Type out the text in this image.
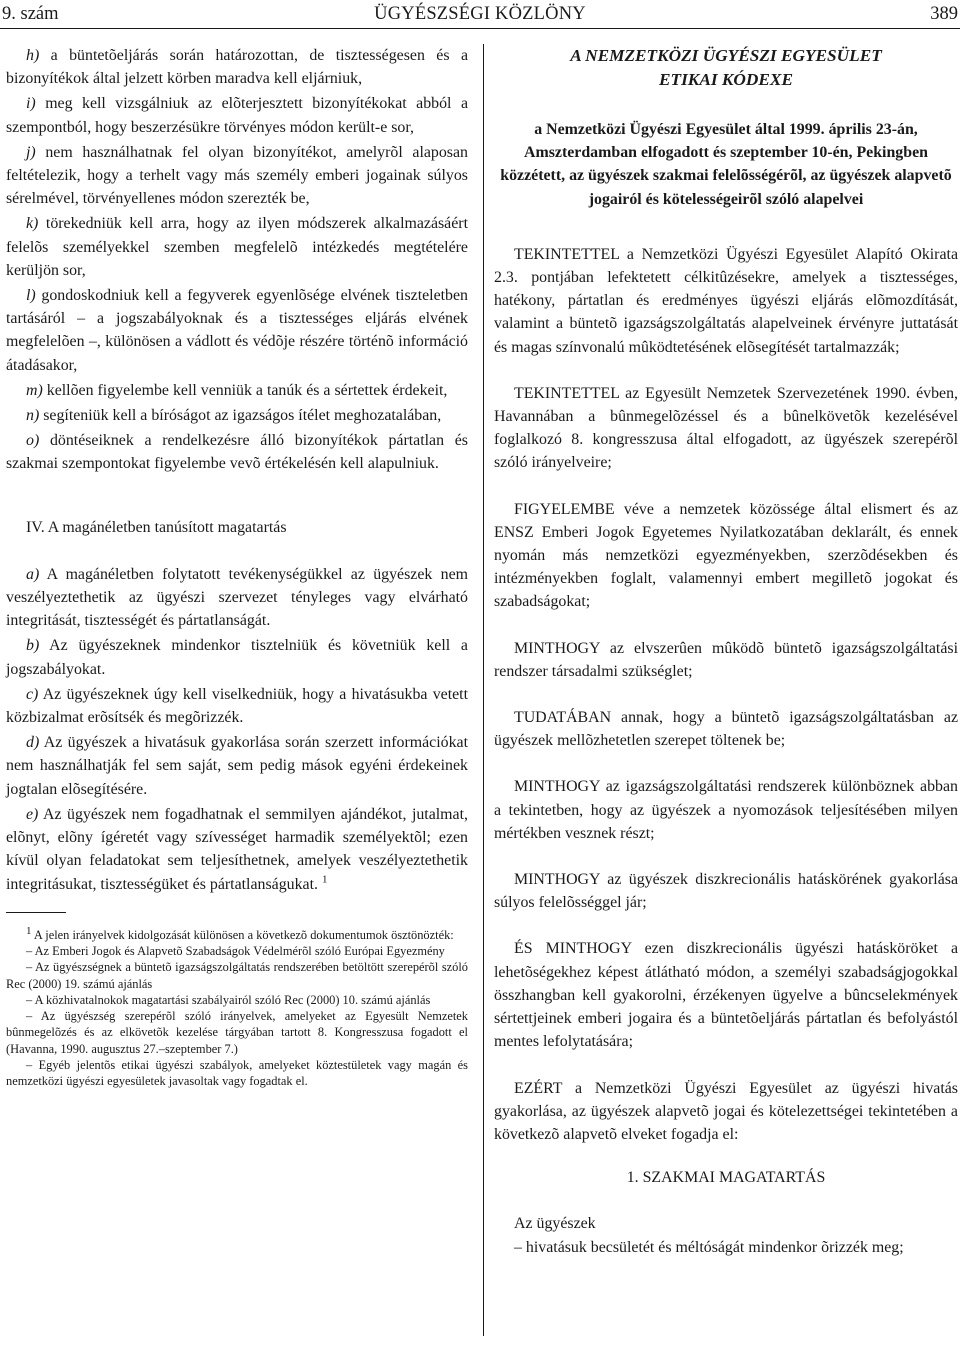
9. szám	ÜGYÉSZSÉGI KÖZLÖNY	389

h) a büntetõeljárás során határozottan, de tisztességesen és a bizonyítékok által jelzett körben maradva kell eljárniuk,

i) meg kell vizsgálniuk az elõterjesztett bizonyítékokat abból a szempontból, hogy beszerzésükre törvényes módon került-e sor,

j) nem használhatnak fel olyan bizonyítékot, amelyrõl alaposan feltételezik, hogy a terhelt vagy más személy emberi jogainak súlyos sérelmével, törvényellenes módon szerezték be,

k) törekedniük kell arra, hogy az ilyen módszerek alkalmazásáért felelõs személyekkel szemben megfelelõ intézkedés megtételére kerüljön sor,

l) gondoskodniuk kell a fegyverek egyenlõsége elvének tiszteletben tartásáról – a jogszabályoknak és a tisztességes eljárás elvének megfelelõen –, különösen a vádlott és védõje részére történõ információ átadásakor,

m) kellõen figyelembe kell venniük a tanúk és a sértettek érdekeit,

n) segíteniük kell a bíróságot az igazságos ítélet meghozatalában,

o) döntéseiknek a rendelkezésre álló bizonyítékok pártatlan és szakmai szempontokat figyelembe vevõ értékelésén kell alapulniuk.

IV. A magánéletben tanúsított magatartás

a) A magánéletben folytatott tevékenységükkel az ügyészek nem veszélyeztethetik az ügyészi szervezet tényleges vagy elvárható integritását, tisztességét és pártatlanságát.

b) Az ügyészeknek mindenkor tisztelniük és követniük kell a jogszabályokat.

c) Az ügyészeknek úgy kell viselkedniük, hogy a hivatásukba vetett közbizalmat erõsítsék és megõrizzék.

d) Az ügyészek a hivatásuk gyakorlása során szerzett információkat nem használhatják fel sem saját, sem pedig mások egyéni érdekeinek jogtalan elõsegítésére.

e) Az ügyészek nem fogadhatnak el semmilyen ajándékot, jutalmat, elõnyt, elõny ígéretét vagy szívességet harmadik személyektõl; ezen kívül olyan feladatokat sem teljesíthetnek, amelyek veszélyeztethetik integritásukat, tisztességüket és pártatlanságukat. $^1$

1 A jelen irányelvek kidolgozását különösen a következõ dokumentumok ösztönözték:

– Az Emberi Jogok és Alapvetõ Szabadságok Védelmérõl szóló Európai Egyezmény

– Az ügyészségnek a büntetõ igazságszolgáltatás rendszerében betöltött szerepérõl szóló Rec (2000) 19. számú ajánlás

– A közhivatalnokok magatartási szabályairól szóló Rec (2000) 10. számú ajánlás

– Az ügyészség szerepérõl szóló irányelvek, amelyeket az Egyesült Nemzetek bûnmegelõzés és az elkövetõk kezelése tárgyában tartott 8. Kongresszusa fogadott el (Havanna, 1990. augusztus 27.–szeptember 7.)

– Egyéb jelentõs etikai ügyészi szabályok, amelyeket köztestületek vagy magán és nemzetközi ügyészi egyesületek javasoltak vagy fogadtak el.

A NEMZETKÖZI ÜGYÉSZI EGYESÜLET
ETIKAI KÓDEXE
a Nemzetközi Ügyészi Egyesület által 1999. április 23-án, Amszterdamban elfogadott és szeptember 10-én, Pekingben közzétett, az ügyészek szakmai felelõsségérõl, az ügyészek alapvetõ jogairól és kötelességeirõl szóló alapelvei

TEKINTETTEL a Nemzetközi Ügyészi Egyesület Alapító Okirata 2.3. pontjában lefektetett célkitûzésekre, amelyek a tisztességes, hatékony, pártatlan és eredményes ügyészi eljárás elõmozdítását, valamint a büntetõ igazságszolgáltatás alapelveinek érvényre juttatását és magas színvonalú mûködtetésének elõsegítését tartalmazzák;

TEKINTETTEL az Egyesült Nemzetek Szervezetének 1990. évben, Havannában a bûnmegelõzéssel és a bûnelkövetõk kezelésével foglalkozó 8. kongresszusa által elfogadott, az ügyészek szerepérõl szóló irányelveire;

FIGYELEMBE véve a nemzetek közössége által elismert és az ENSZ Emberi Jogok Egyetemes Nyilatkozatában deklarált, és ennek nyomán más nemzetközi egyezményekben, szerzõdésekben és intézményekben foglalt, valamennyi embert megilletõ jogokat és szabadságokat;

MINTHOGY az elvszerûen mûködõ büntetõ igazságszolgáltatási rendszer társadalmi szükséglet;

TUDATÁBAN annak, hogy a büntetõ igazságszolgáltatásban az ügyészek mellõzhetetlen szerepet töltenek be;

MINTHOGY az igazságszolgáltatási rendszerek különböznek abban a tekintetben, hogy az ügyészek a nyomozások teljesítésében milyen mértékben vesznek részt;

MINTHOGY az ügyészek diszkrecionális hatáskörének gyakorlása súlyos felelõsséggel jár;

ÉS MINTHOGY ezen diszkrecionális ügyészi hatásköröket a lehetõségekhez képest átlátható módon, a személyi szabadságjogokkal összhangban kell gyakorolni, érzékenyen ügyelve a bûncselekmények sértettjeinek emberi jogaira és a büntetõeljárás pártatlan és befolyástól mentes lefolytatására;

EZÉRT a Nemzetközi Ügyészi Egyesület az ügyészi hivatás gyakorlása, az ügyészek alapvetõ jogai és kötelezettségei tekintetében a következõ alapvetõ elveket fogadja el:

1. SZAKMAI MAGATARTÁS

Az ügyészek

– hivatásuk becsületét és méltóságát mindenkor õrizzék meg;
